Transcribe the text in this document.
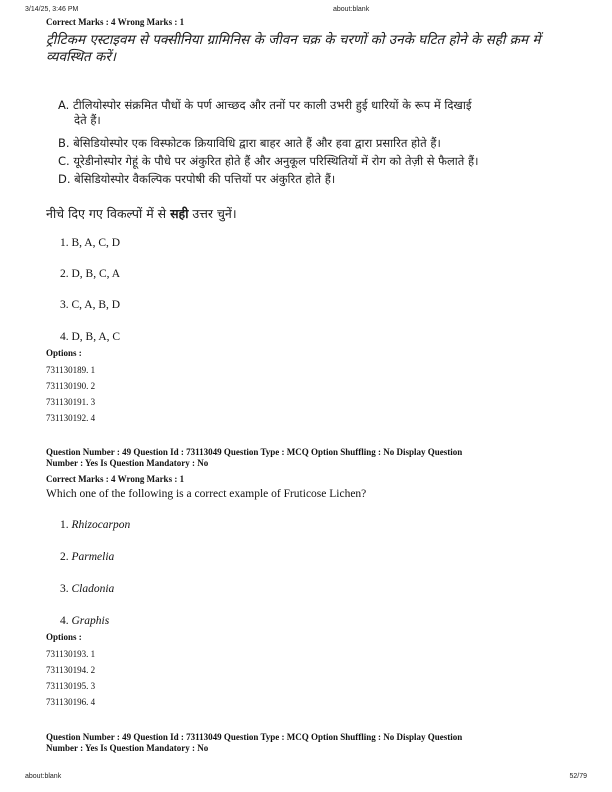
3/14/25, 3:46 PM	about:blank
Correct Marks : 4 Wrong Marks : 1
ट्रीटिकम एस्टाइवम से पक्सीनिया ग्रामिनिस के जीवन चक्र के चरणों को उनके घटित होने के सही क्रम में
व्यवस्थित करें।
A. टीलियोस्पोर संक्रमित पौधों के पर्ण आच्छद और तनों पर काली उभरी हुई धारियों के रूप में दिखाई
देते हैं।
B. बेसिडियोस्पोर एक विस्फोटक क्रियाविधि द्वारा बाहर आते हैं और हवा द्वारा प्रसारित होते हैं।
C. यूरेडीनोस्पोर गेहूं के पौधे पर अंकुरित होते हैं और अनुकूल परिस्थितियों में रोग को तेज़ी से फैलाते हैं।
D. बेसिडियोस्पोर वैकल्पिक परपोषी की पत्तियों पर अंकुरित होते हैं।
नीचे दिए गए विकल्पों में से सही उत्तर चुनें।
1. B, A, C, D
2. D, B, C, A
3. C, A, B, D
4. D, B, A, C
Options :
731130189. 1
731130190. 2
731130191. 3
731130192. 4
Question Number : 49 Question Id : 73113049 Question Type : MCQ Option Shuffling : No Display Question
Number : Yes Is Question Mandatory : No
Correct Marks : 4 Wrong Marks : 1
Which one of the following is a correct example of Fruticose Lichen?
1. Rhizocarpon
2. Parmelia
3. Cladonia
4. Graphis
Options :
731130193. 1
731130194. 2
731130195. 3
731130196. 4
Question Number : 49 Question Id : 73113049 Question Type : MCQ Option Shuffling : No Display Question
Number : Yes Is Question Mandatory : No
about:blank	52/79
